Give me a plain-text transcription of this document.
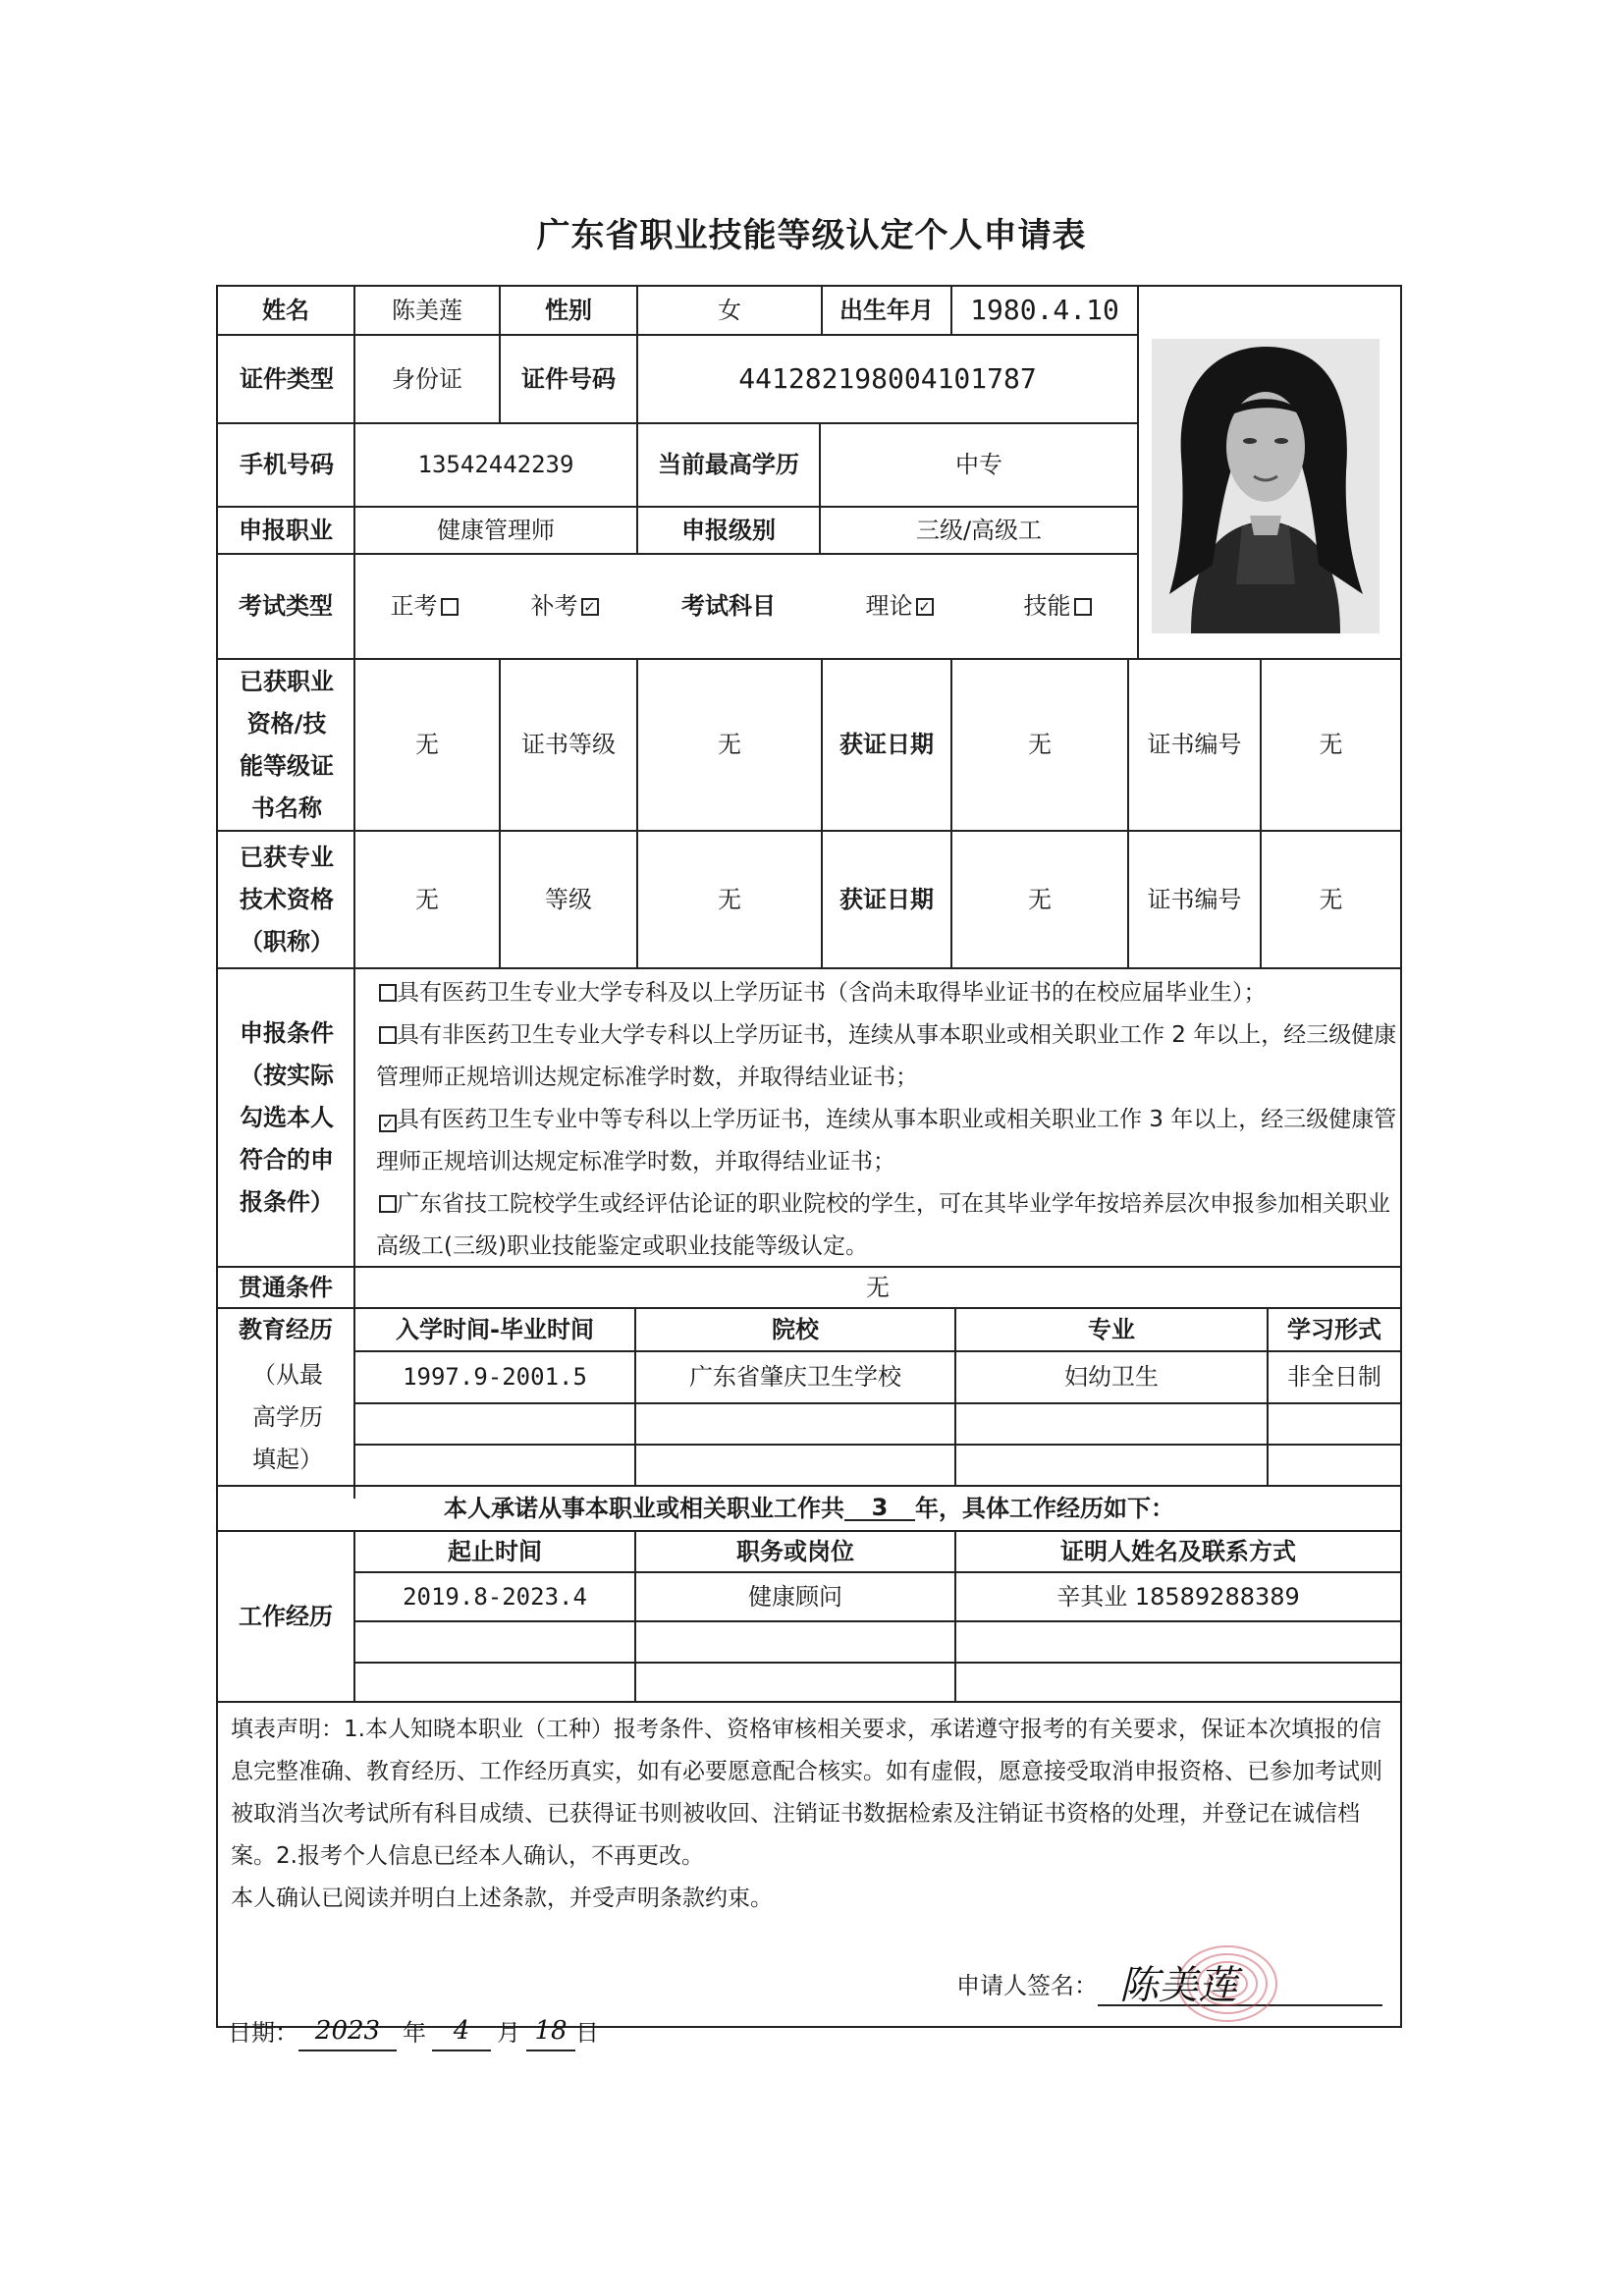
广东省职业技能等级认定个人申请表
姓名	陈美莲	性别	女	出生年月	1980.4.10
证件类型	身份证	证件号码	441282198004101787
手机号码	13542442239	当前最高学历	中专
申报职业	健康管理师	申报级别	三级/高级工
考试类型	正考	补考 ✓	考试科目	理论 ✓	技能
已获职业资格/技能等级证书名称
无	证书等级	无	获证日期	无	证书编号	无
已获专业技术资格（职称）
无	等级	无	获证日期	无	证书编号	无
申报条件（按实际勾选本人符合的申报条件）

具有医药卫生专业大学专科及以上学历证书（含尚未取得毕业证书的在校应届毕业生）；

具有非医药卫生专业大学专科以上学历证书，连续从事本职业或相关职业工作 2 年以上，经三级健康管理师正规培训达规定标准学时数，并取得结业证书；

✓ 具有医药卫生专业中等专科以上学历证书，连续从事本职业或相关职业工作 3 年以上，经三级健康管理师正规培训达规定标准学时数，并取得结业证书；

广东省技工院校学生或经评估论证的职业院校的学生，可在其毕业学年按培养层次申报参加相关职业高级工(三级)职业技能鉴定或职业技能等级认定。

贯通条件	无
教育经历
（从最高学历填起）
入学时间-毕业时间	院校	专业	学习形式
1997.9-2001.5	广东省肇庆卫生学校	妇幼卫生	非全日制
本人承诺从事本职业或相关职业工作共	3	年，具体工作经历如下：
工作经历
起止时间	职务或岗位	证明人姓名及联系方式
2019.8-2023.4	健康顾问	辛其业 18589288389

填表声明：1.本人知晓本职业（工种）报考条件、资格审核相关要求，承诺遵守报考的有关要求，保证本次填报的信息完整准确、教育经历、工作经历真实，如有必要愿意配合核实。如有虚假，愿意接受取消申报资格、已参加考试则被取消当次考试所有科目成绩、已获得证书则被收回、注销证书数据检索及注销证书资格的处理，并登记在诚信档案。2.报考个人信息已经本人确认，不再更改。

本人确认已阅读并明白上述条款，并受声明条款约束。

申请人签名： 陈美莲
日期： 2023 年	4	月 18 日
